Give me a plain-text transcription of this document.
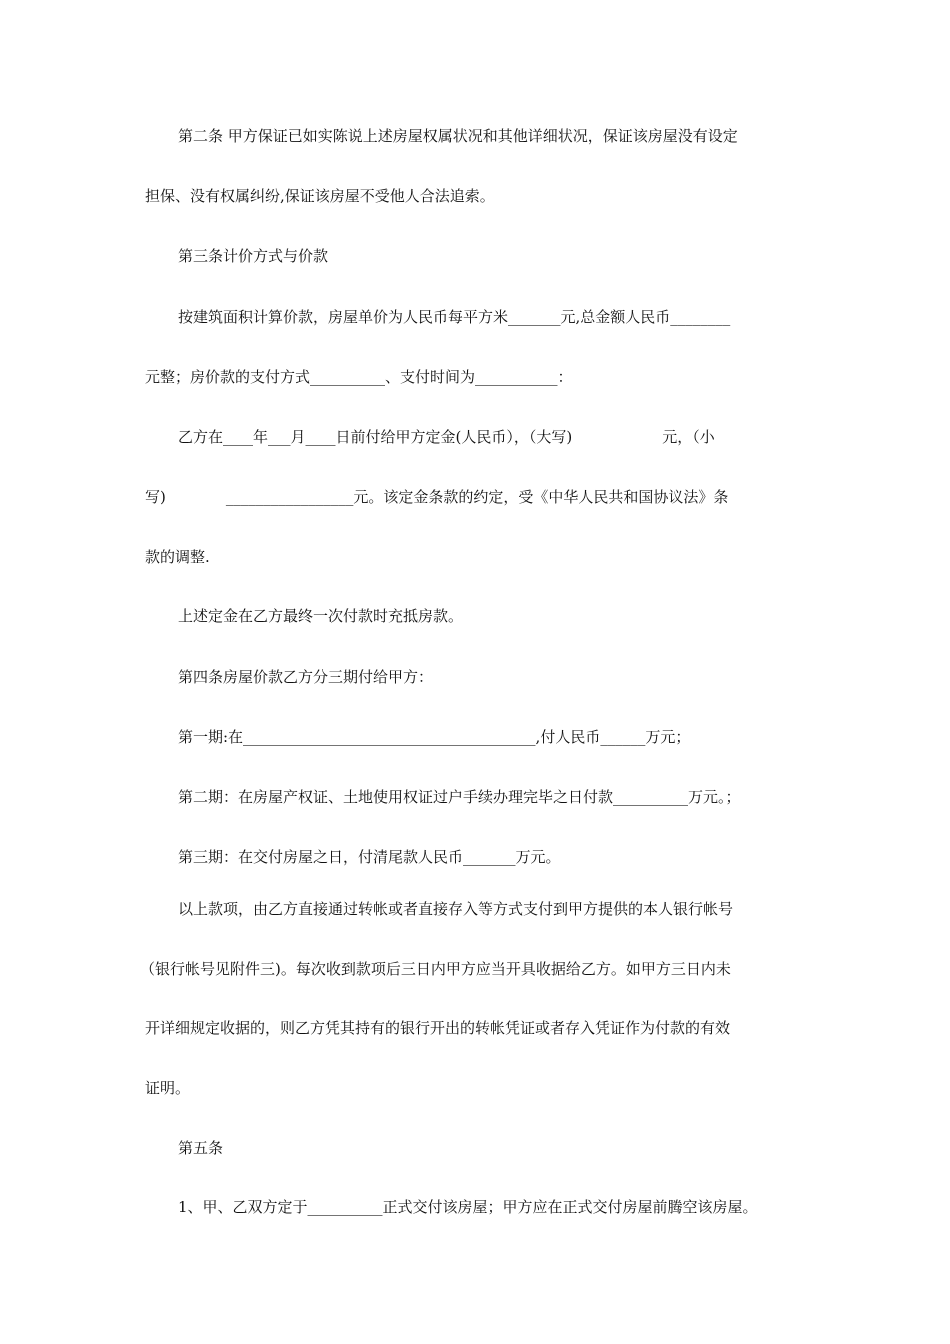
第二条 甲方保证已如实陈说上述房屋权属状况和其他详细状况，保证该房屋没有设定
担保、没有权属纠纷,保证该房屋不受他人合法追索。
第三条计价方式与价款
按建筑面积计算价款，房屋单价为人民币每平方米_______元,总金额人民币________
元整；房价款的支付方式__________、支付时间为___________：
乙方在____年___月____日前付给甲方定金(人民币），（大写)　　　　　　元，（小
写)　　　　_________________元。该定金条款的约定，受《中华人民共和国协议法》条
款的调整.
上述定金在乙方最终一次付款时充抵房款。
第四条房屋价款乙方分三期付给甲方：
第一期:在_______________________________________,付人民币______万元；
第二期：在房屋产权证、土地使用权证过户手续办理完毕之日付款__________万元。；
第三期：在交付房屋之日，付清尾款人民币_______万元。
以上款项，由乙方直接通过转帐或者直接存入等方式支付到甲方提供的本人银行帐号
（银行帐号见附件三)。每次收到款项后三日内甲方应当开具收据给乙方。如甲方三日内未
开详细规定收据的，则乙方凭其持有的银行开出的转帐凭证或者存入凭证作为付款的有效
证明。
第五条
1、甲、乙双方定于__________正式交付该房屋；甲方应在正式交付房屋前腾空该房屋。
